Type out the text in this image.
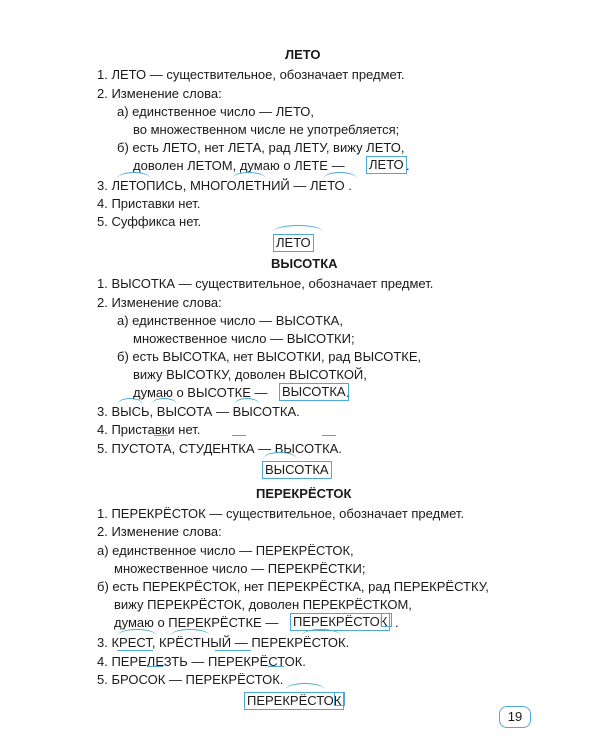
ЛЕТО
1. ЛЕТО — существительное, обозначает предмет.
2. Изменение слова:
а) единственное число — ЛЕТО,
во множественном числе не употребляется;
б) есть ЛЕТО, нет ЛЕТА, рад ЛЕТУ, вижу ЛЕТО,
доволен ЛЕТОМ, думаю о ЛЕТЕ — ЛЕТО .
3. ЛЕТОПИСЬ, МНОГОЛЕТНИЙ — ЛЕТО .
4. Приставки нет.
5. Суффикса нет.
ЛЕТО
ВЫСОТКА
1. ВЫСОТКА — существительное, обозначает предмет.
2. Изменение слова:
а) единственное число — ВЫСОТКА,
множественное число — ВЫСОТКИ;
б) есть ВЫСОТКА, нет ВЫСОТКИ, рад ВЫСОТКЕ,
вижу ВЫСОТКУ, доволен ВЫСОТКОЙ,
думаю о ВЫСОТКЕ — ВЫСОТКА .
3. ВЫСЬ, ВЫСОТА — ВЫСОТКА.
4. Приставки нет.
5. ПУСТОТА, СТУДЕНТКА — ВЫСОТКА.
ВЫСОТКА
ПЕРЕКРЁСТОК
1. ПЕРЕКРЁСТОК — существительное, обозначает предмет.
2. Изменение слова:
а) единственное число — ПЕРЕКРЁСТОК,
множественное число — ПЕРЕКРЁСТКИ;
б) есть ПЕРЕКРЁСТОК, нет ПЕРЕКРЁСТКА, рад ПЕРЕКРЁСТКУ,
вижу ПЕРЕКРЁСТОК, доволен ПЕРЕКРЁСТКОМ,
думаю о ПЕРЕКРЁСТКЕ — ПЕРЕКРЁСТОК .
3. КРЕСТ, КРЁСТНЫЙ — ПЕРЕКРЁСТОК.
4. ПЕРЕЛЕЗТЬ — ПЕРЕКРЁСТОК.
5. БРОСОК — ПЕРЕКРЁСТОК.
ПЕРЕКРЁСТОК
19
